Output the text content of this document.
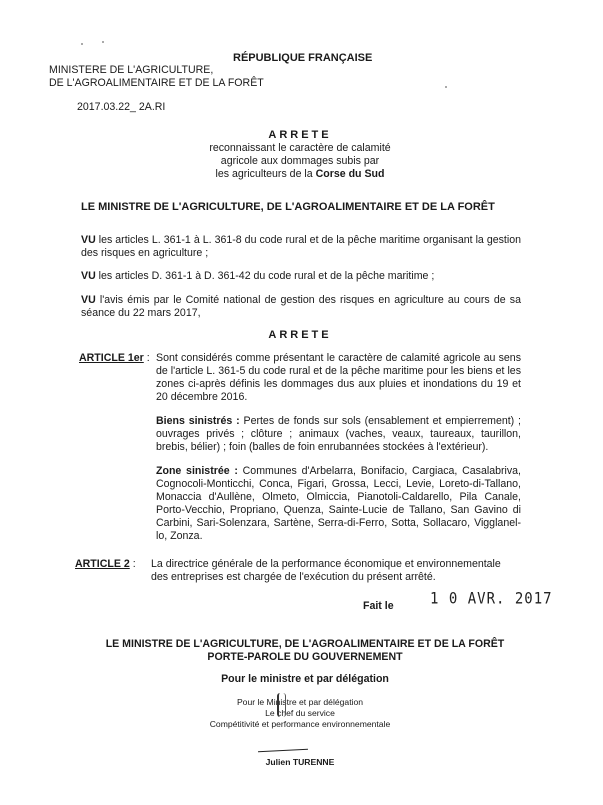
RÉPUBLIQUE FRANÇAISE
MINISTERE DE L'AGRICULTURE,
DE L'AGROALIMENTAIRE ET DE LA FORÊT
2017.03.22_ 2A.RI
ARRETE
reconnaissant le caractère de calamité
agricole aux dommages subis par
les agriculteurs de la Corse du Sud
LE MINISTRE DE L'AGRICULTURE, DE L'AGROALIMENTAIRE ET DE LA FORÊT
VU les articles L. 361-1 à L. 361-8 du code rural et de la pêche maritime organisant la gestion des risques en agriculture ;
VU les articles D. 361-1 à D. 361-42 du code rural et de la pêche maritime ;
VU l'avis émis par le Comité national de gestion des risques en agriculture au cours de sa séance du 22 mars 2017,
ARRETE
ARTICLE 1er : Sont considérés comme présentant le caractère de calamité agricole au sens de l'article L. 361-5 du code rural et de la pêche maritime pour les biens et les zones ci-après définis les dommages dus aux pluies et inondations du 19 et 20 décembre 2016.
Biens sinistrés : Pertes de fonds sur sols (ensablement et empierrement) ; ouvrages privés ; clôture ; animaux (vaches, veaux, taureaux, taurillon, brebis, bélier) ; foin (balles de foin enrubannées stockées à l'extérieur).
Zone sinistrée : Communes d'Arbelarra, Bonifacio, Cargiaca, Casalabriva, Cognocoli-Monticchi, Conca, Figari, Grossa, Lecci, Levie, Loreto-di-Tallano, Monaccia d'Aullène, Olmeto, Olmiccia, Pianotoli-Caldarello, Pila Canale, Porto-Vecchio, Propriano, Quenza, Sainte-Lucie de Tallano, San Gavino di Carbini, Sari-Solenzara, Sartène, Serra-di-Ferro, Sotta, Sollacaro, Vigglanel-lo, Zonza.
ARTICLE 2 : La directrice générale de la performance économique et environnementale des entreprises est chargée de l'exécution du présent arrêté.
Fait le	1 0 AVR. 2017
LE MINISTRE DE L'AGRICULTURE, DE L'AGROALIMENTAIRE ET DE LA FORÊT
PORTE-PAROLE DU GOUVERNEMENT
Pour le ministre et par délégation
Pour le Ministre et par délégation
Le chef du service
Compétitivité et performance environnementale
Julien TURENNE
